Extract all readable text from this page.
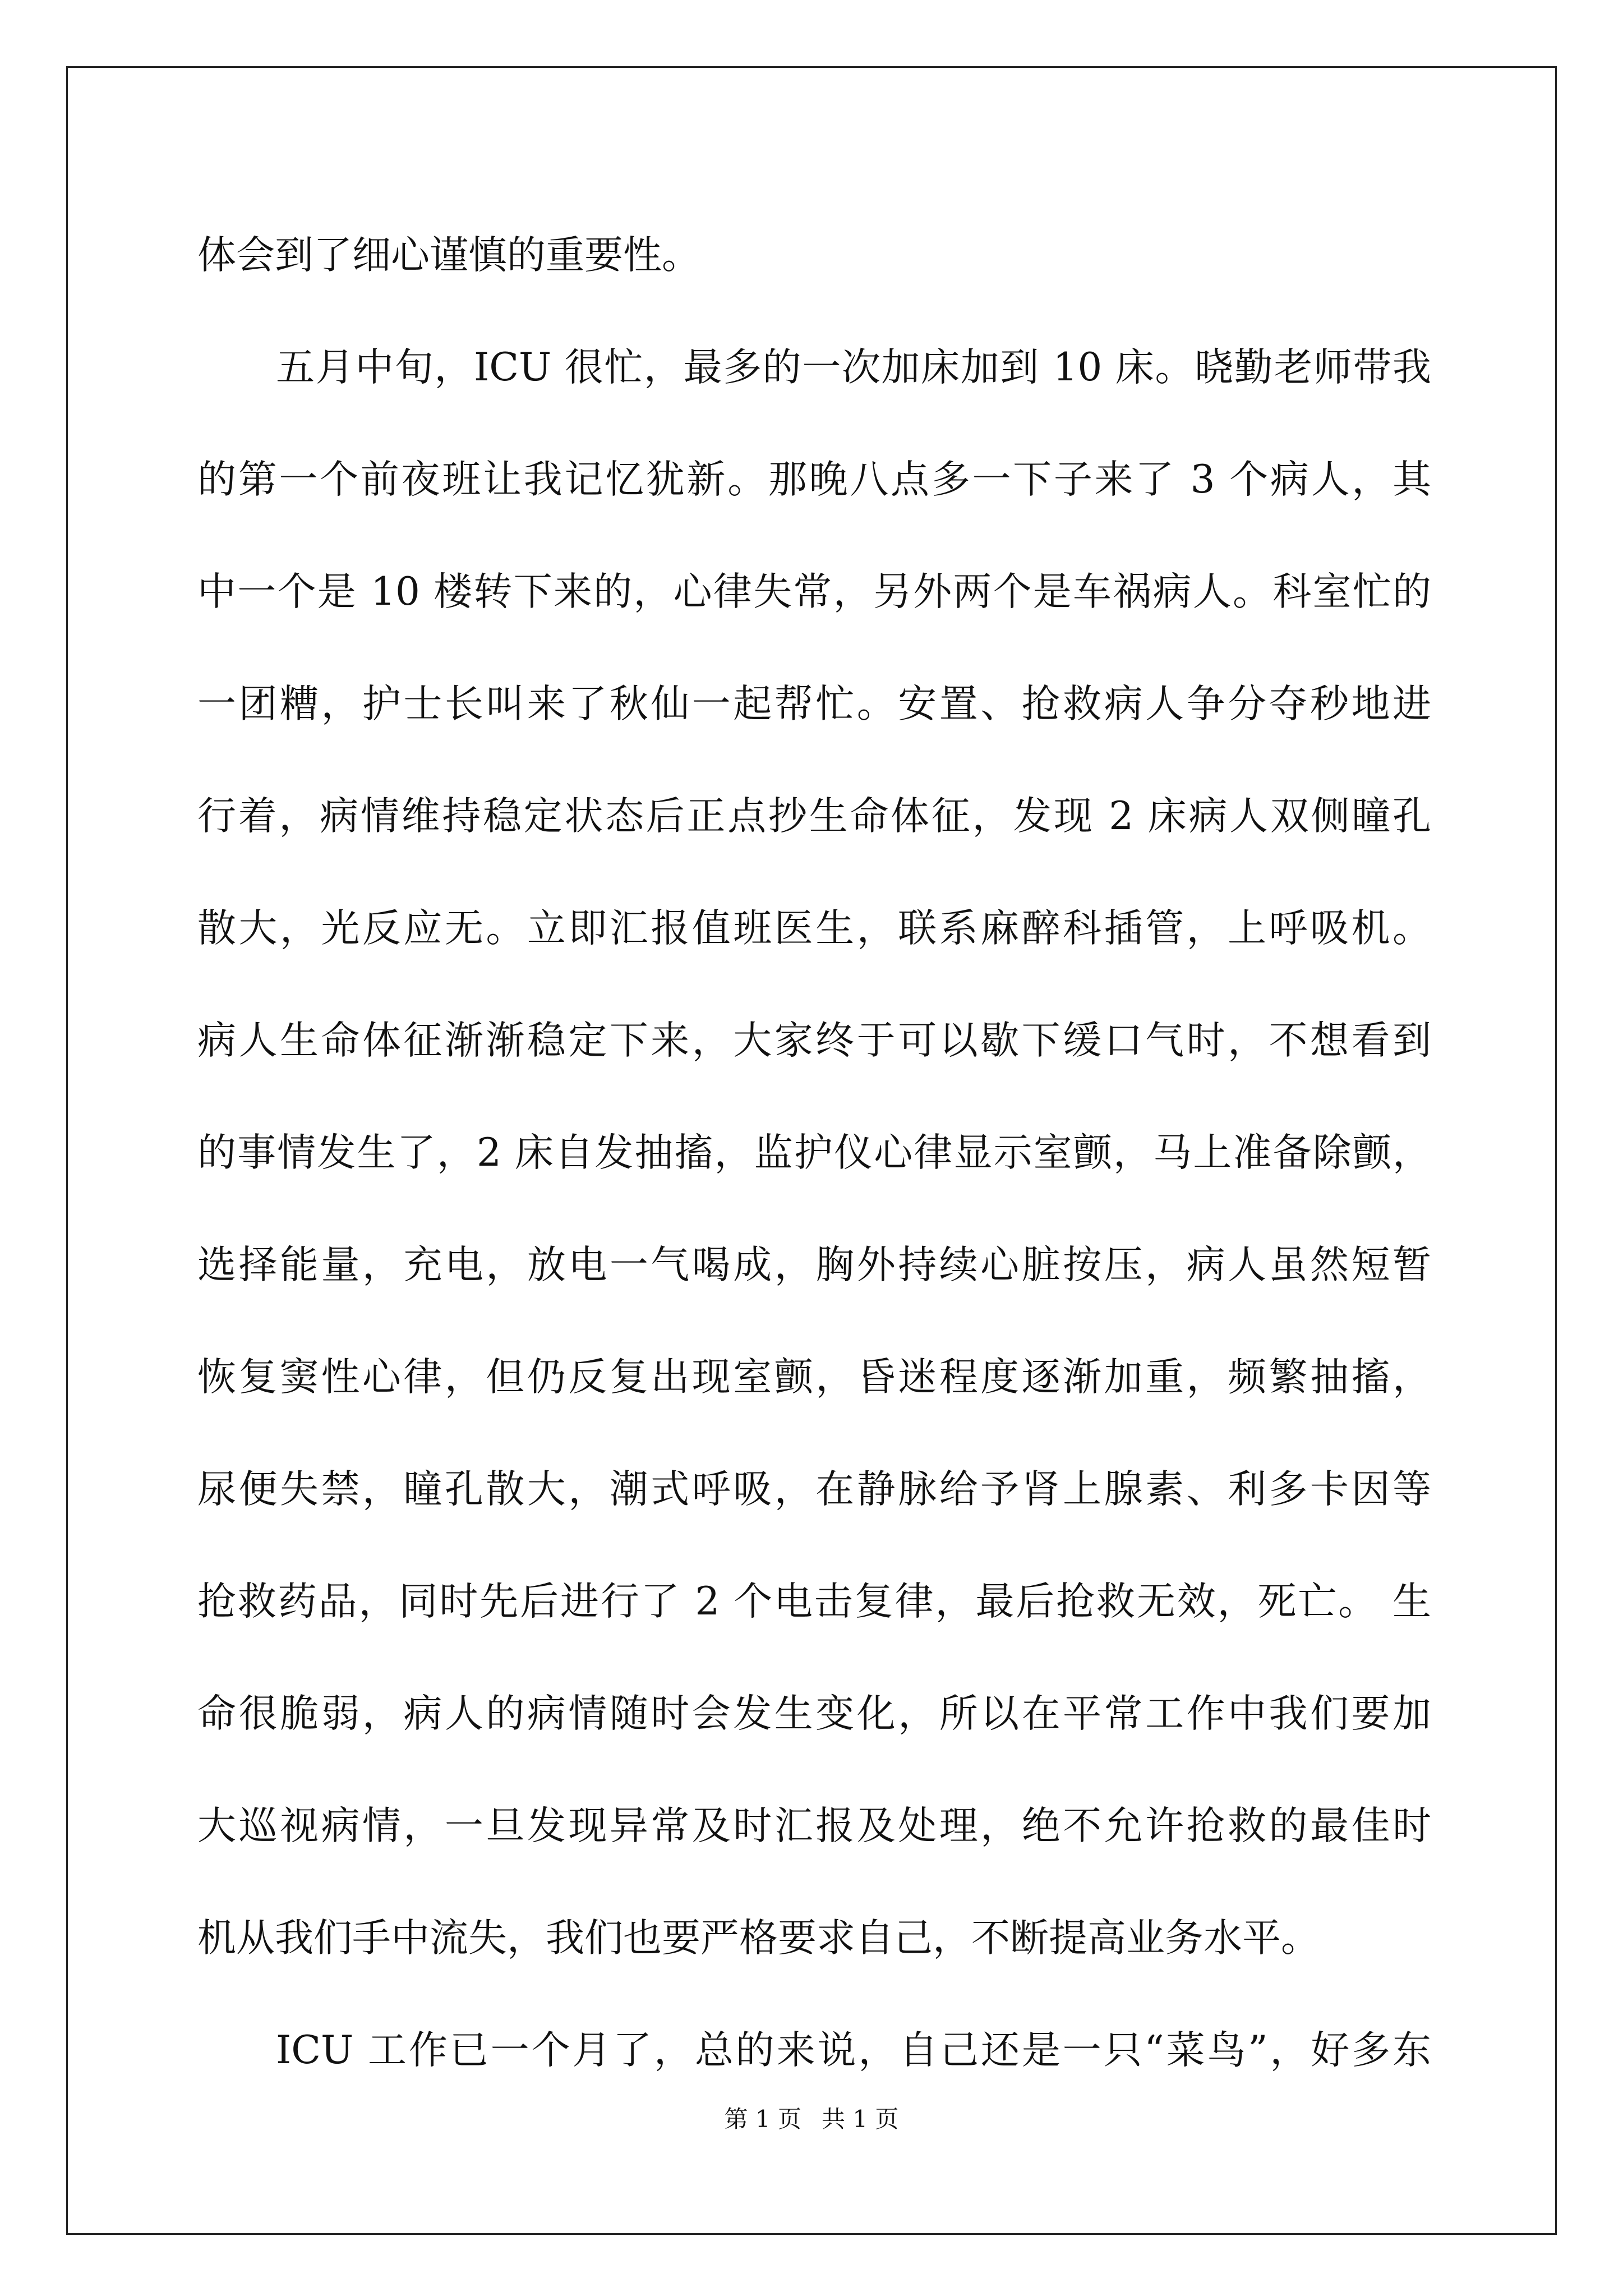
体会到了细心谨慎的重要性。
五月中旬，ICU 很忙，最多的一次加床加到 10 床。晓勤老师带我
的第一个前夜班让我记忆犹新。那晚八点多一下子来了 3 个病人，其
中一个是 10 楼转下来的，心律失常，另外两个是车祸病人。科室忙的
一团糟，护士长叫来了秋仙一起帮忙。安置、抢救病人争分夺秒地进
行着，病情维持稳定状态后正点抄生命体征，发现 2 床病人双侧瞳孔
散大，光反应无。立即汇报值班医生，联系麻醉科插管，上呼吸机。
病人生命体征渐渐稳定下来，大家终于可以歇下缓口气时，不想看到
的事情发生了，2 床自发抽搐，监护仪心律显示室颤，马上准备除颤，
选择能量，充电，放电一气喝成，胸外持续心脏按压，病人虽然短暂
恢复窦性心律，但仍反复出现室颤，昏迷程度逐渐加重，频繁抽搐，
尿便失禁，瞳孔散大，潮式呼吸，在静脉给予肾上腺素、利多卡因等
抢救药品，同时先后进行了 2 个电击复律，最后抢救无效，死亡。 生
命很脆弱，病人的病情随时会发生变化，所以在平常工作中我们要加
大巡视病情，一旦发现异常及时汇报及处理，绝不允许抢救的最佳时
机从我们手中流失，我们也要严格要求自己，不断提高业务水平。
ICU 工作已一个月了，总的来说，自己还是一只“菜鸟”，好多东
第 1 页 共 1 页
